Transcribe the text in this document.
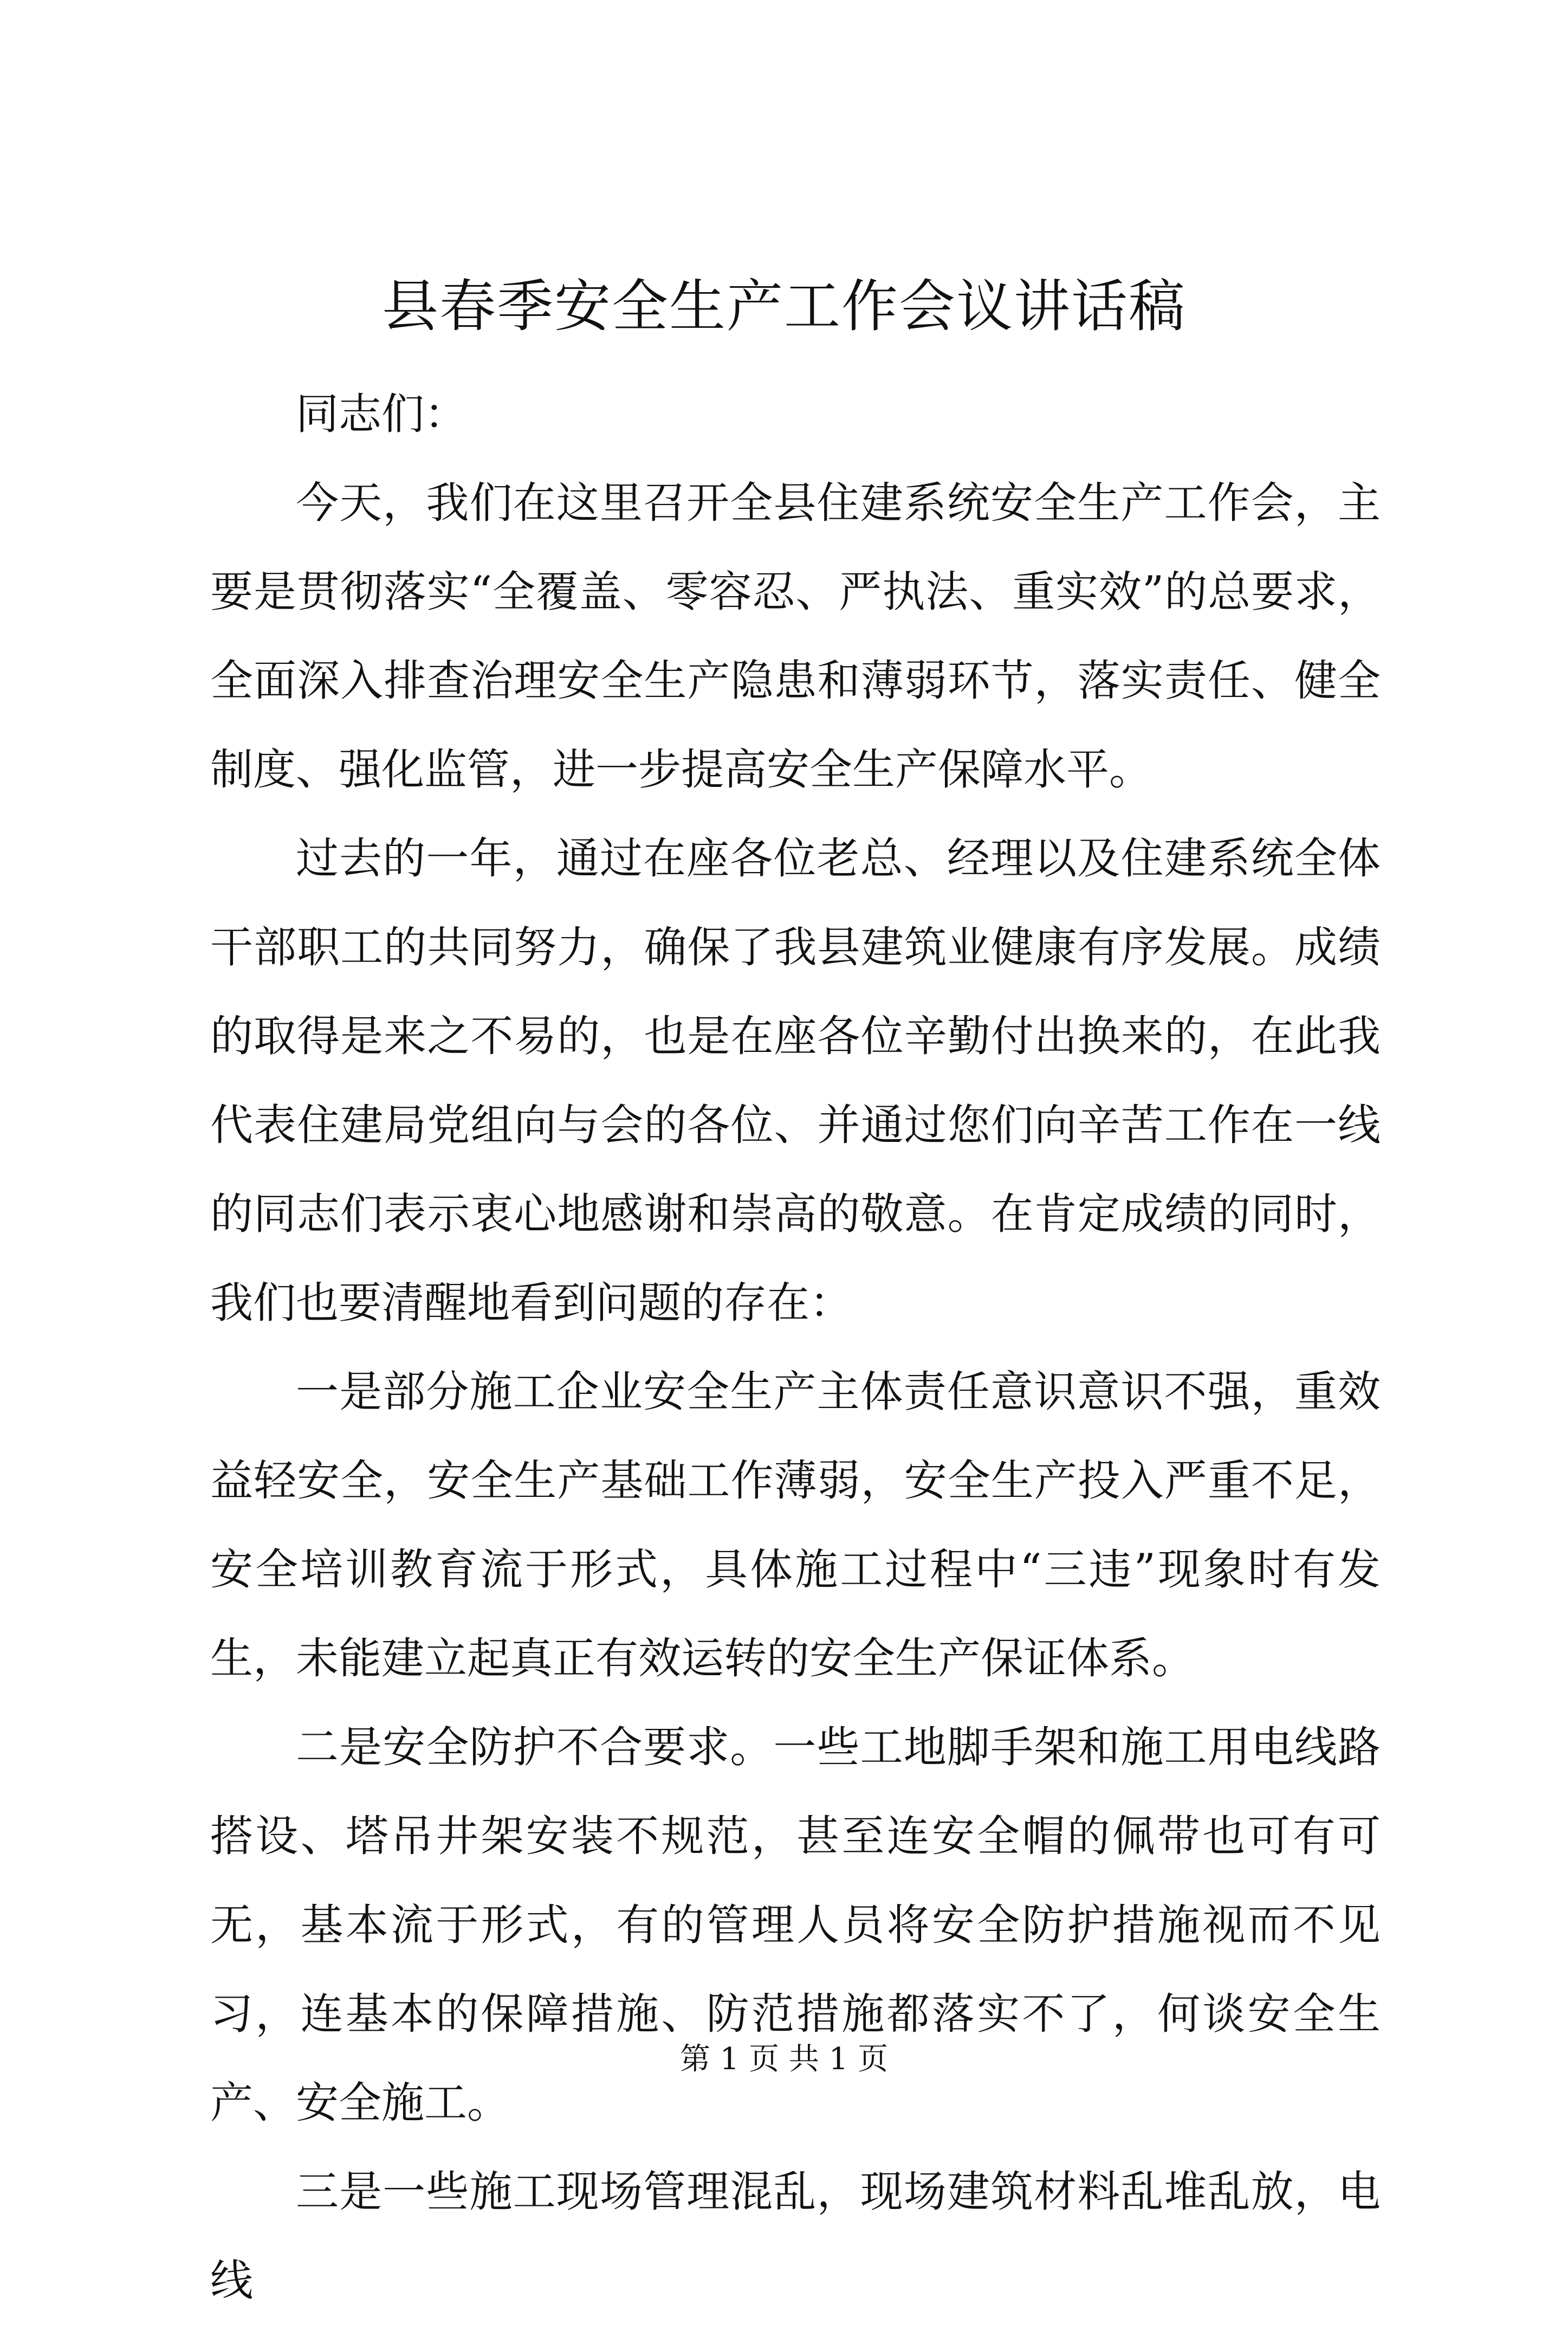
县春季安全生产工作会议讲话稿

同志们：

今天，我们在这里召开全县住建系统安全生产工作会，主要是贯彻落实“全覆盖、零容忍、严执法、重实效”的总要求，全面深入排查治理安全生产隐患和薄弱环节，落实责任、健全制度、强化监管，进一步提高安全生产保障水平。

过去的一年，通过在座各位老总、经理以及住建系统全体干部职工的共同努力，确保了我县建筑业健康有序发展。成绩的取得是来之不易的，也是在座各位辛勤付出换来的，在此我代表住建局党组向与会的各位、并通过您们向辛苦工作在一线的同志们表示衷心地感谢和崇高的敬意。在肯定成绩的同时，我们也要清醒地看到问题的存在：

一是部分施工企业安全生产主体责任意识意识不强，重效益轻安全，安全生产基础工作薄弱，安全生产投入严重不足，安全培训教育流于形式，具体施工过程中“三违”现象时有发生，未能建立起真正有效运转的安全生产保证体系。

二是安全防护不合要求。一些工地脚手架和施工用电线路搭设、塔吊井架安装不规范，甚至连安全帽的佩带也可有可无，基本流于形式，有的管理人员将安全防护措施视而不见习，连基本的保障措施、防范措施都落实不了，何谈安全生产、安全施工。

三是一些施工现场管理混乱，现场建筑材料乱堆乱放，电线

第 1 页 共 1 页
